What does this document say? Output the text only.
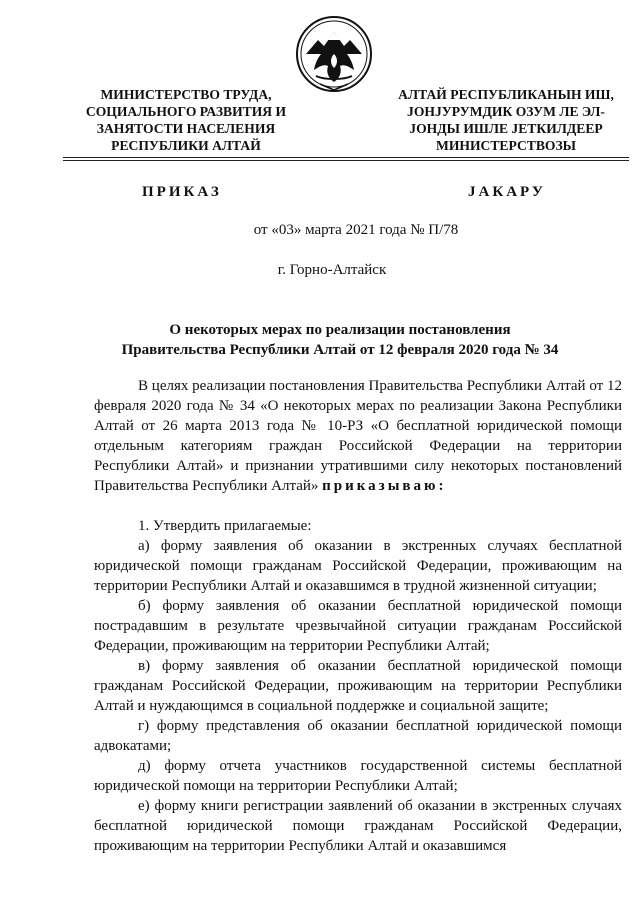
МИНИСТЕРСТВО ТРУДА,
СОЦИАЛЬНОГО РАЗВИТИЯ И
ЗАНЯТОСТИ НАСЕЛЕНИЯ
РЕСПУБЛИКИ АЛТАЙ
АЛТАЙ РЕСПУБЛИКАНЫН ИШ,
ЈОНЈУРУМДИК ОЗУМ ЛЕ ЭЛ-
ЈОНДЫ ИШЛЕ ЈЕТКИЛДЕЕР
МИНИСТЕРСТВОЗЫ
ПРИКАЗ	ЈАКАРУ
от «03» марта 2021 года № П/78
г. Горно-Алтайск
О некоторых мерах по реализации постановления Правительства Республики Алтай от 12 февраля 2020 года № 34

В целях реализации постановления Правительства Республики Алтай от 12 февраля 2020 года № 34 «О некоторых мерах по реализации Закона Республики Алтай от 26 марта 2013 года № 10-РЗ «О бесплатной юридической помощи отдельным категориям граждан Российской Федерации на территории Республики Алтай» и признании утратившими силу некоторых постановлений Правительства Республики Алтай» приказываю:

1. Утвердить прилагаемые:

а) форму заявления об оказании в экстренных случаях бесплатной юридической помощи гражданам Российской Федерации, проживающим на территории Республики Алтай и оказавшимся в трудной жизненной ситуации;

б) форму заявления об оказании бесплатной юридической помощи пострадавшим в результате чрезвычайной ситуации гражданам Российской Федерации, проживающим на территории Республики Алтай;

в) форму заявления об оказании бесплатной юридической помощи гражданам Российской Федерации, проживающим на территории Республики Алтай и нуждающимся в социальной поддержке и социальной защите;

г) форму представления об оказании бесплатной юридической помощи адвокатами;

д) форму отчета участников государственной системы бесплатной юридической помощи на территории Республики Алтай;

е) форму книги регистрации заявлений об оказании в экстренных случаях бесплатной юридической помощи гражданам Российской Федерации, проживающим на территории Республики Алтай и оказавшимся
